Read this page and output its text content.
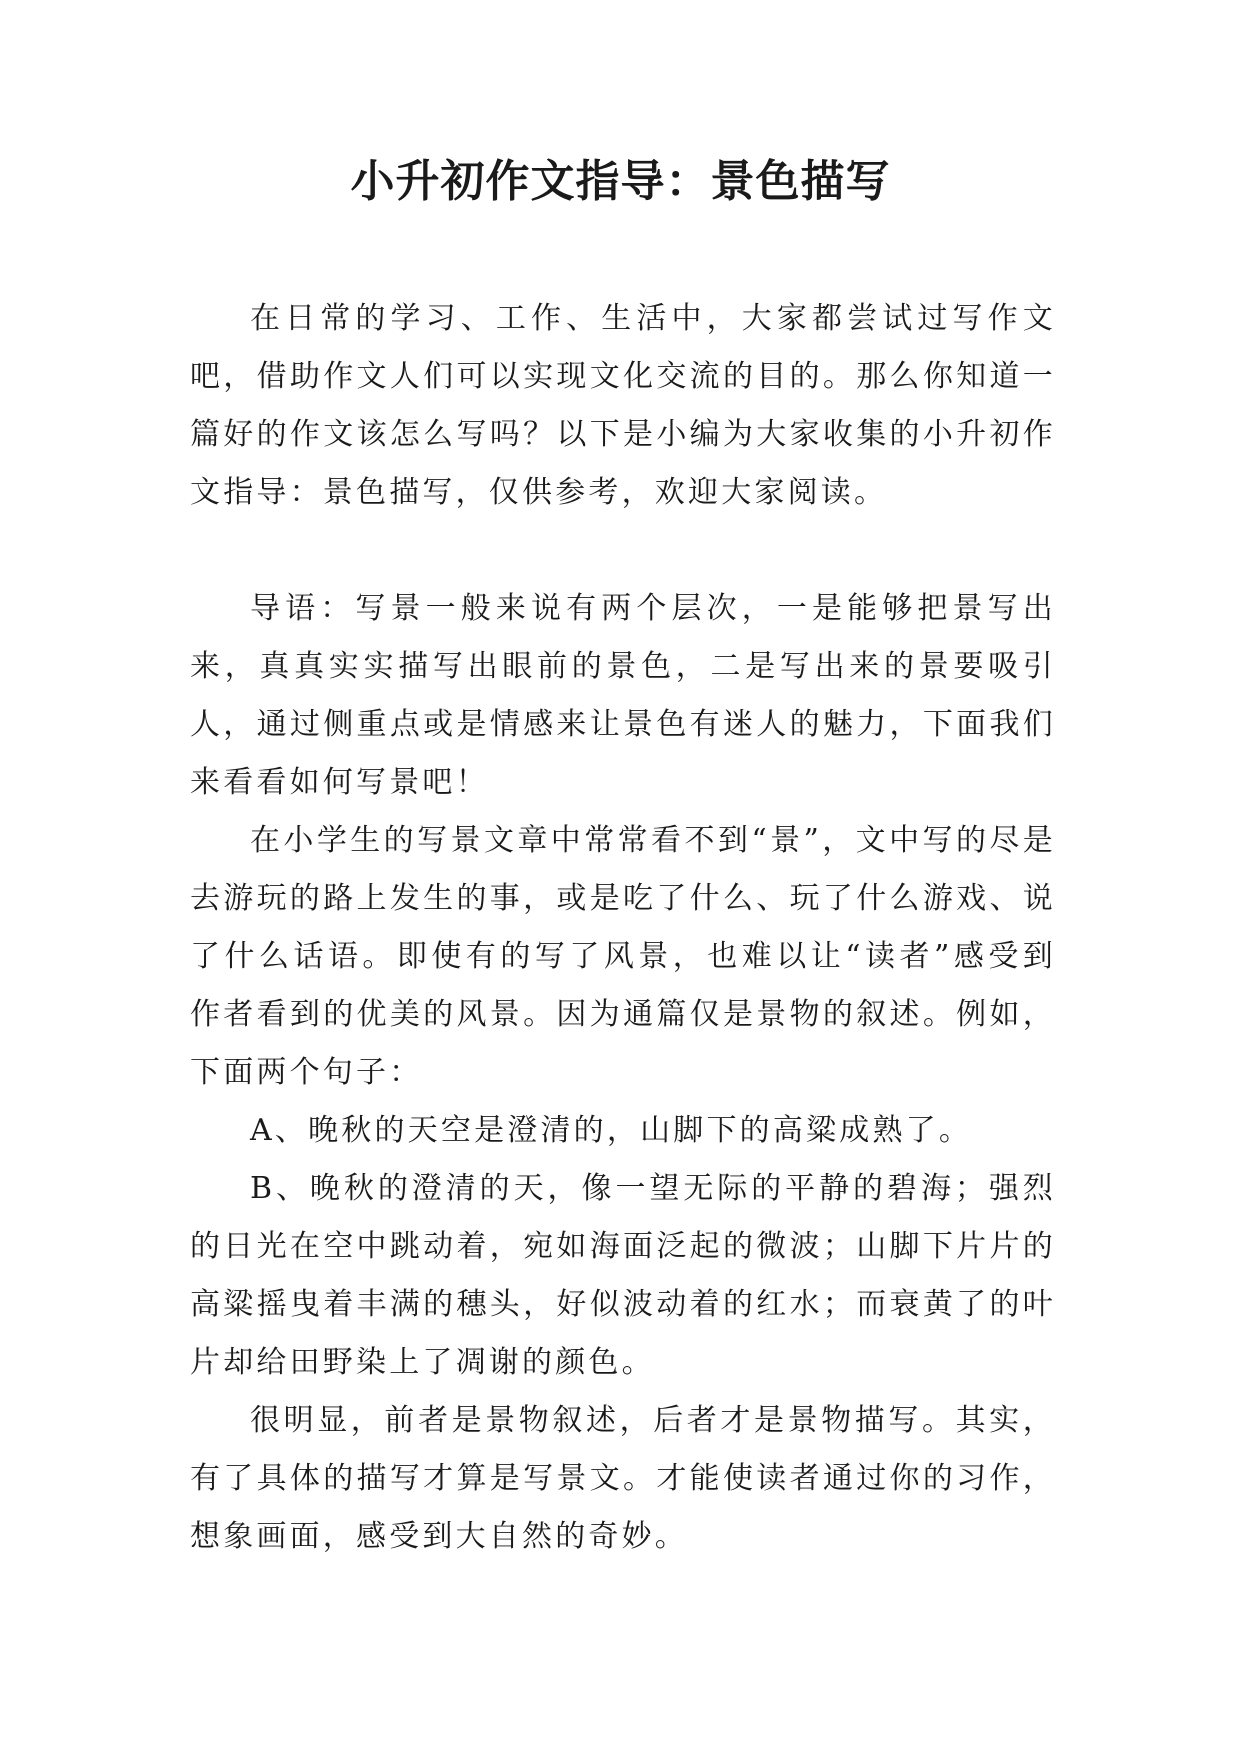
小升初作文指导：景色描写

在日常的学习、工作、生活中，大家都尝试过写作文吧，借助作文人们可以实现文化交流的目的。那么你知道一篇好的作文该怎么写吗？以下是小编为大家收集的小升初作文指导：景色描写，仅供参考，欢迎大家阅读。

导语：写景一般来说有两个层次，一是能够把景写出来，真真实实描写出眼前的景色，二是写出来的景要吸引人，通过侧重点或是情感来让景色有迷人的魅力，下面我们来看看如何写景吧！

在小学生的写景文章中常常看不到“景”，文中写的尽是去游玩的路上发生的事，或是吃了什么、玩了什么游戏、说了什么话语。即使有的写了风景，也难以让“读者”感受到作者看到的优美的风景。因为通篇仅是景物的叙述。例如，下面两个句子：

A、晚秋的天空是澄清的，山脚下的高粱成熟了。

B、晚秋的澄清的天，像一望无际的平静的碧海；强烈的日光在空中跳动着，宛如海面泛起的微波；山脚下片片的高粱摇曳着丰满的穗头，好似波动着的红水；而衰黄了的叶片却给田野染上了凋谢的颜色。

很明显，前者是景物叙述，后者才是景物描写。其实，有了具体的描写才算是写景文。才能使读者通过你的习作，想象画面，感受到大自然的奇妙。
